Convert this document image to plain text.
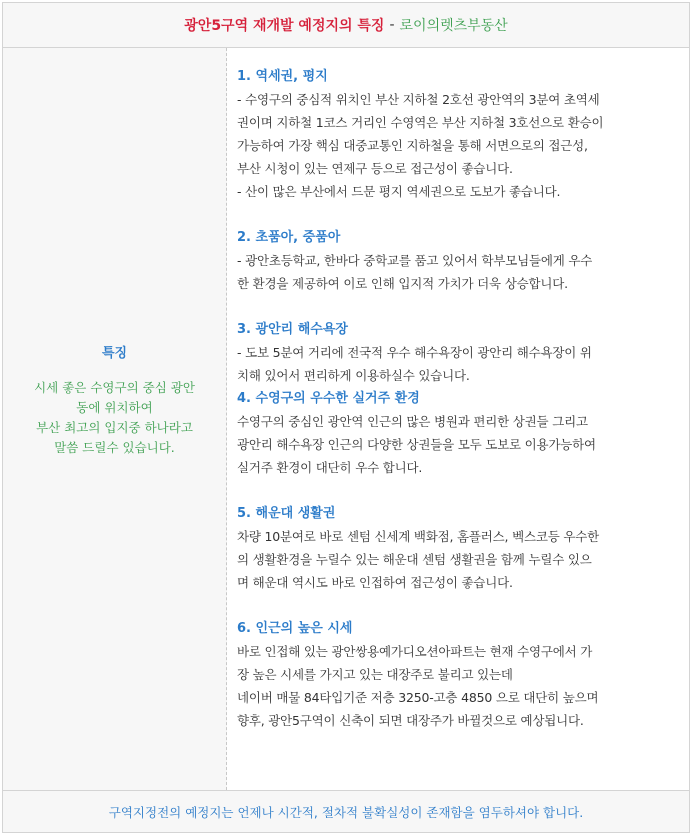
광안5구역 재개발 예정지의 특징 - 로이의렛츠부동산
특징
시세 좋은 수영구의 중심 광안
동에 위치하여
부산 최고의 입지중 하나라고
말씀 드릴수 있습니다.
1. 역세권, 평지
- 수영구의 중심적 위치인 부산 지하철 2호선 광안역의 3분여 초역세
권이며 지하철 1코스 거리인 수영역은 부산 지하철 3호선으로 환승이
가능하여 가장 핵심 대중교통인 지하철을 통해 서면으로의 접근성,
부산 시청이 있는 연제구 등으로 접근성이 좋습니다.
- 산이 많은 부산에서 드문 평지 역세권으로 도보가 좋습니다.
2. 초품아, 중품아
- 광안초등학교, 한바다 중학교를 품고 있어서 학부모님들에게 우수
한 환경을 제공하여 이로 인해 입지적 가치가 더욱 상승합니다.
3. 광안리 해수욕장
- 도보 5분여 거리에 전국적 우수 해수욕장이 광안리 해수욕장이 위
치해 있어서 편리하게 이용하실수 있습니다.
4. 수영구의 우수한 실거주 환경
수영구의 중심인 광안역 인근의 많은 병원과 편리한 상권들 그리고
광안리 해수욕장 인근의 다양한 상권들을 모두 도보로 이용가능하여
실거주 환경이 대단히 우수 합니다.
5. 해운대 생활권
차량 10분여로 바로 센텀 신세계 백화점, 홈플러스, 벡스코등 우수한
의 생활환경을 누릴수 있는 해운대 센텀 생활권을 함께 누릴수 있으
며 해운대 역시도 바로 인접하여 접근성이 좋습니다.
6. 인근의 높은 시세
바로 인접해 있는 광안쌍용예가디오션아파트는 현재 수영구에서 가
장 높은 시세를 가지고 있는 대장주로 불리고 있는데
네이버 매물 84타입기준 저층 3250-고층 4850 으로 대단히 높으며
향후, 광안5구역이 신축이 되면 대장주가 바뀔것으로 예상됩니다.
구역지정전의 예정지는 언제나 시간적, 절차적 불확실성이 존재함을 염두하셔야 합니다.
